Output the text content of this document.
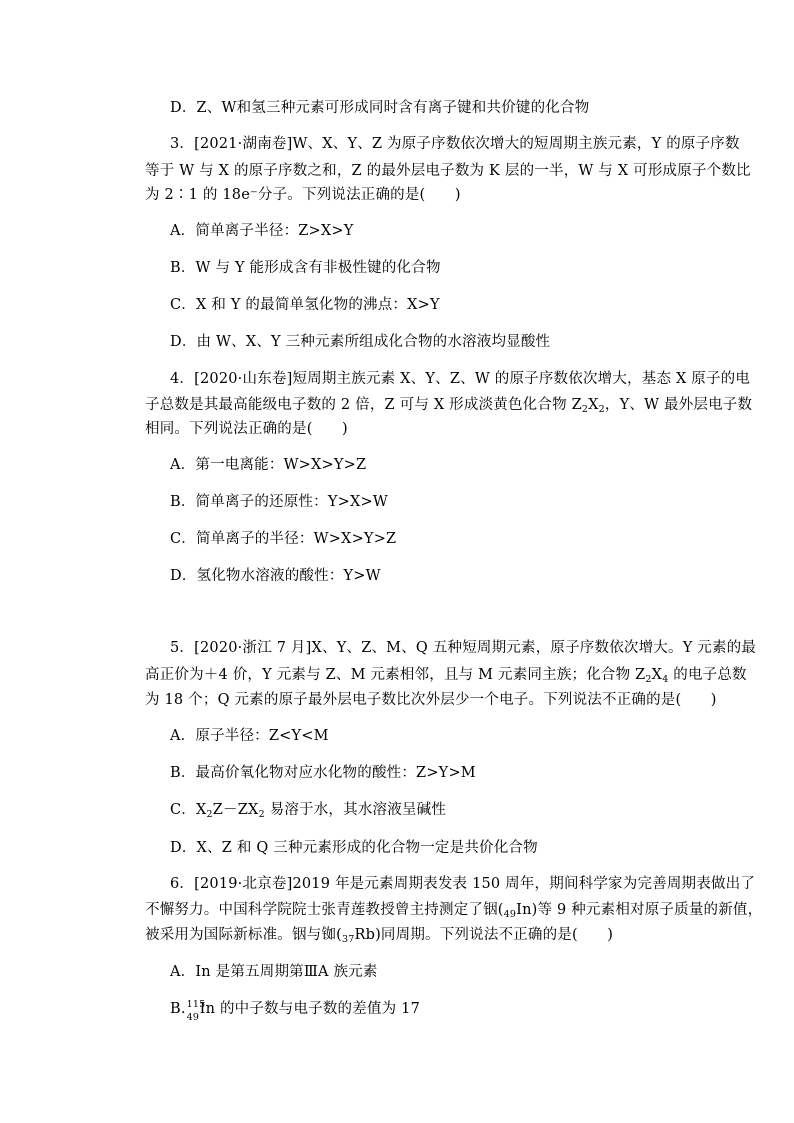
D．Z、W和氢三种元素可形成同时含有离子键和共价键的化合物
3．[2021·湖南卷]W、X、Y、Z 为原子序数依次增大的短周期主族元素，Y 的原子序数
等于 W 与 X 的原子序数之和，Z 的最外层电子数为 K 层的一半，W 与 X 可形成原子个数比
为 2∶1 的 18e⁻分子。下列说法正确的是(　　)
A．简单离子半径：Z>X>Y
B．W 与 Y 能形成含有非极性键的化合物
C．X 和 Y 的最简单氢化物的沸点：X>Y
D．由 W、X、Y 三种元素所组成化合物的水溶液均显酸性
4．[2020·山东卷]短周期主族元素 X、Y、Z、W 的原子序数依次增大，基态 X 原子的电
子总数是其最高能级电子数的 2 倍，Z 可与 X 形成淡黄色化合物 $Z_2X_2$，Y、W 最外层电子数
相同。下列说法正确的是(　　)
A．第一电离能：W>X>Y>Z
B．简单离子的还原性：Y>X>W
C．简单离子的半径：W>X>Y>Z
D．氢化物水溶液的酸性：Y>W
5．[2020·浙江 7 月]X、Y、Z、M、Q 五种短周期元素，原子序数依次增大。Y 元素的最
高正价为＋4 价，Y 元素与 Z、M 元素相邻，且与 M 元素同主族；化合物 $Z_2X_4$ 的电子总数
为 18 个；Q 元素的原子最外层电子数比次外层少一个电子。下列说法不正确的是(　　)
A．原子半径：Z<Y<M
B．最高价氧化物对应水化物的酸性：Z>Y>M
C．$X_2Z-ZX_2$ 易溶于水，其水溶液呈碱性
D．X、Z 和 Q 三种元素形成的化合物一定是共价化合物
6．[2019·北京卷]2019 年是元素周期表发表 150 周年，期间科学家为完善周期表做出了
不懈努力。中国科学院院士张青莲教授曾主持测定了铟$(_{49}In)$等 9 种元素相对原子质量的新值，
被采用为国际新标准。铟与铷$(_{37}Rb)$同周期。下列说法不正确的是(　　)
A．In 是第五周期第ⅢA 族元素
B. 115
49
In 的中子数与电子数的差值为 17
